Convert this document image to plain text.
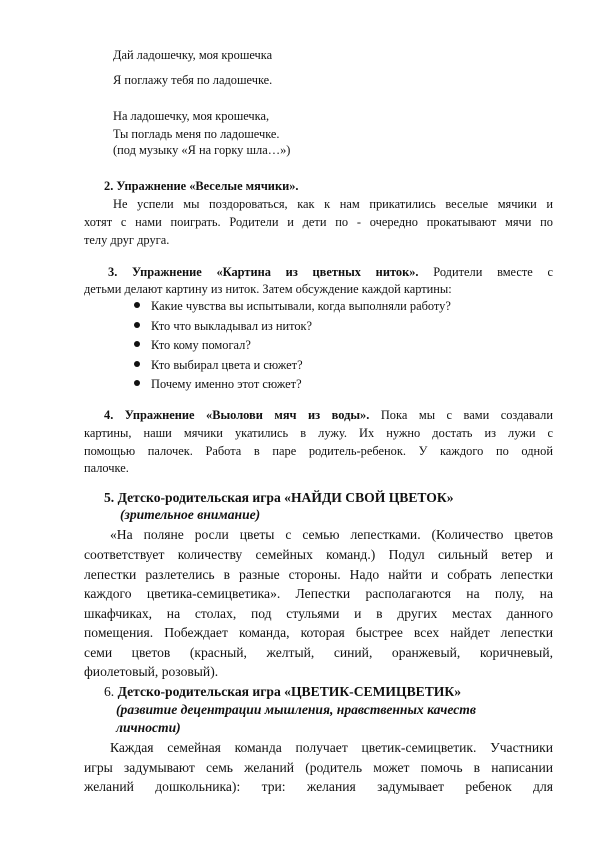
Дай ладошечку, моя крошечка
Я поглажу тебя по ладошечке.
На ладошечку, моя крошечка,
Ты погладь меня по ладошечке.
(под музыку «Я на горку шла…»)
2. Упражнение «Веселые мячики».
Не успели мы поздороваться, как к нам прикатились веселые мячики и
хотят с нами поиграть. Родители и дети по - очередно прокатывают мячи по
телу друг друга.
3. Упражнение «Картина из цветных ниток». Родители вместе с
детьми делают картину из ниток. Затем обсуждение каждой картины:
Какие чувства вы испытывали, когда выполняли работу?
Кто что выкладывал из ниток?
Кто кому помогал?
Кто выбирал цвета и сюжет?
Почему именно этот сюжет?
4. Упражнение «Выолови мяч из воды». Пока мы с вами создавали
картины, наши мячики укатились в лужу. Их нужно достать из лужи с
помощью палочек. Работа в паре родитель-ребенок. У каждого по одной
палочке.
5. Детско-родительская игра «НАЙДИ СВОЙ ЦВЕТОК»
(зрительное внимание)
«На поляне росли цветы с семью лепестками. (Количество цветов
соответствует количеству семейных команд.) Подул сильный ветер и
лепестки разлетелись в разные стороны. Надо найти и собрать лепестки
каждого цветика-семицветика». Лепестки располагаются на полу, на
шкафчиках, на столах, под стульями и в других местах данного
помещения. Побеждает команда, которая быстрее всех найдет лепестки
семи цветов (красный, желтый, синий, оранжевый, коричневый,
фиолетовый, розовый).
6. Детско-родительская игра «ЦВЕТИК-СЕМИЦВЕТИК»
(развитие децентрации мышления, нравственных качеств
личности)
Каждая семейная команда получает цветик-семицветик. Участники
игры задумывают семь желаний (родитель может помочь в написании
желаний дошкольника): три: желания задумывает ребенок для
